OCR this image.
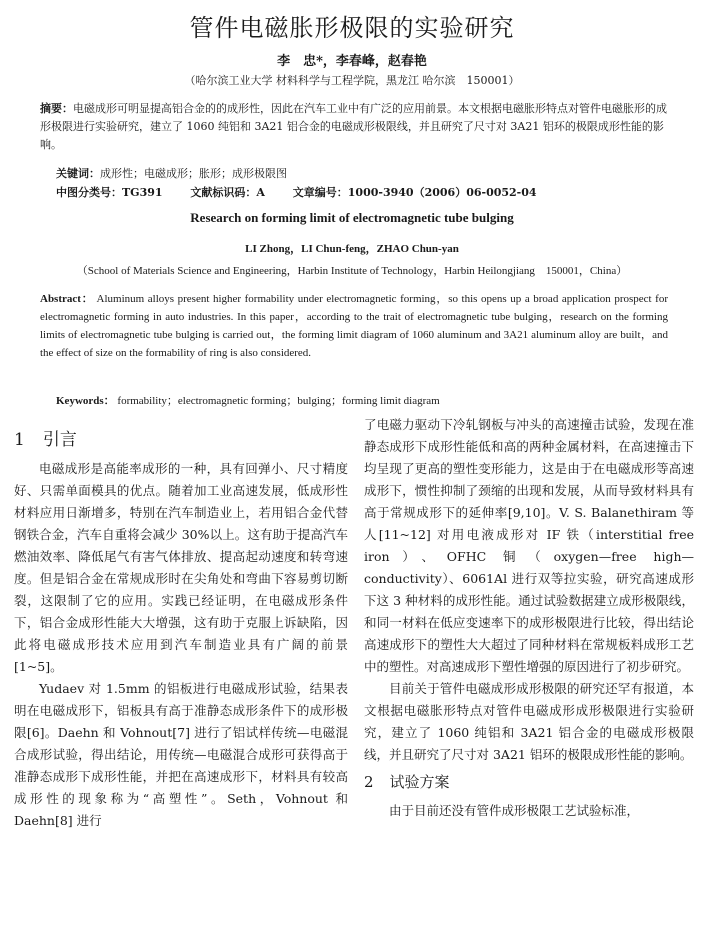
管件电磁胀形极限的实验研究
李　忠*，李春峰，赵春艳
（哈尔滨工业大学 材料科学与工程学院，黑龙江 哈尔滨　150001）
摘要：电磁成形可明显提高铝合金的的成形性，因此在汽车工业中有广泛的应用前景。本文根据电磁胀形特点对管件电磁胀形的成形极限进行实验研究，建立了 1060 纯铝和 3A21 铝合金的电磁成形极限线，并且研究了尺寸对 3A21 铝环的极限成形性能的影响。
关键词：成形性；电磁成形；胀形；成形极限图
中图分类号：TG391	文献标识码：A	文章编号：1000-3940（2006）06-0052-04
Research on forming limit of electromagnetic tube bulging
LI Zhong，LI Chun-feng，ZHAO Chun-yan
（School of Materials Science and Engineering，Harbin Institute of Technology，Harbin Heilongjiang　150001，China）
Abstract： Aluminum alloys present higher formability under electromagnetic forming，so this opens up a broad application prospect for electromagnetic forming in auto industries. In this paper，according to the trait of electromagnetic tube bulging，research on the forming limits of electromagnetic tube bulging is carried out，the forming limit diagram of 1060 aluminum and 3A21 aluminum alloy are built，and the effect of size on the formability of ring is also considered.
Keywords： formability；electromagnetic forming；bulging；forming limit diagram
1 引言

电磁成形是高能率成形的一种，具有回弹小、尺寸精度好、只需单面模具的优点。随着加工业高速发展，低成形性材料应用日渐增多，特别在汽车制造业上，若用铝合金代替钢铁合金，汽车自重将会减少 30%以上。这有助于提高汽车燃油效率、降低尾气有害气体排放、提高起动速度和转弯速度。但是铝合金在常规成形时在尖角处和弯曲下容易剪切断裂，这限制了它的应用。实践已经证明，在电磁成形条件下，铝合金成形性能大大增强，这有助于克服上诉缺陷，因此将电磁成形技术应用到汽车制造业具有广阔的前景[1~5]。

Yudaev 对 1.5mm 的铝板进行电磁成形试验，结果表明在电磁成形下，铝板具有高于准静态成形条件下的成形极限[6]。Daehn 和 Vohnout[7] 进行了铝试样传统—电磁混合成形试验，得出结论，用传统—电磁混合成形可获得高于准静态成形下成形性能，并把在高速成形下，材料具有较高成形性的现象称为“高塑性”。Seth，Vohnout 和 Daehn[8] 进行

了电磁力驱动下冷轧钢板与冲头的高速撞击试验，发现在准静态成形下成形性能低和高的两种金属材料，在高速撞击下均呈现了更高的塑性变形能力，这是由于在电磁成形等高速成形下，惯性抑制了颈缩的出现和发展，从而导致材料具有高于常规成形下的延伸率[9,10]。V. S. Balanethiram 等人[11~12] 对用电液成形对 IF 铁（interstitial free iron）、OFHC 铜（oxygen—free high—conductivity）、6061Al 进行双等拉实验，研究高速成形下这 3 种材料的成形性能。通过试验数据建立成形极限线，和同一材料在低应变速率下的成形极限进行比较，得出结论高速成形下的塑性大大超过了同种材料在常规板料成形工艺中的塑性。对高速成形下塑性增强的原因进行了初步研究。

目前关于管件电磁成形成形极限的研究还罕有报道，本文根据电磁胀形特点对管件电磁成形成形极限进行实验研究，建立了 1060 纯铝和 3A21 铝合金的电磁成形极限线，并且研究了尺寸对 3A21 铝环的极限成形性能的影响。

2 试验方案

由于目前还没有管件成形极限工艺试验标准，
